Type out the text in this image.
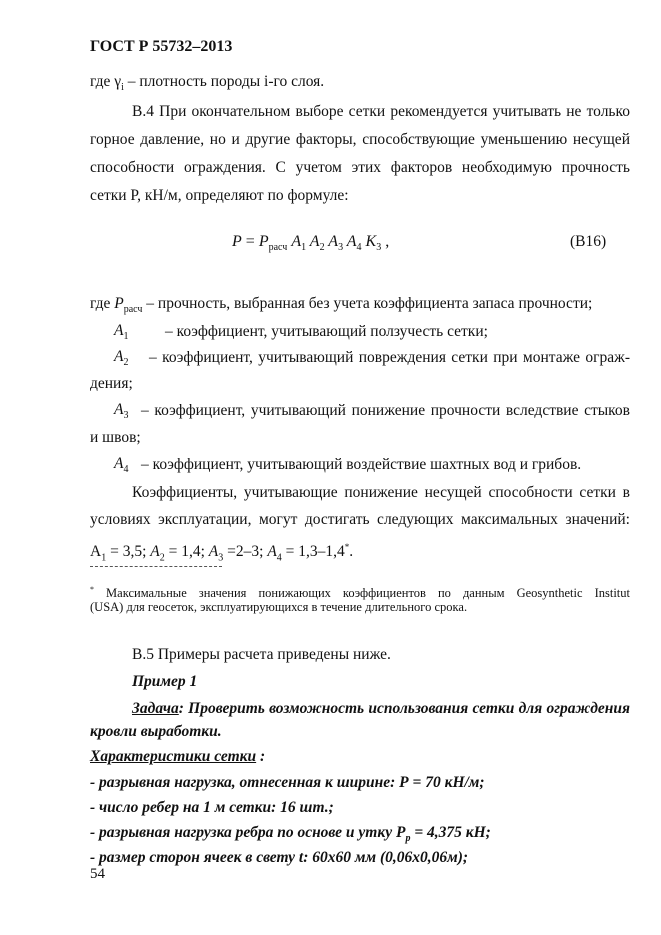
ГОСТ Р 55732–2013
где $\gamma_i$ – плотность породы i-го слоя.
В.4 При окончательном выборе сетки рекомендуется учитывать не только
горное давление, но и другие факторы, способствующие уменьшению несущей
способности ограждения. С учетом этих факторов необходимую прочность
сетки Р, кН/м, определяют по формуле:
$P = P_{расч}$ $A_1$ $A_2$ $A_3$ $A_4$ $K_3$ ,	(В16)
где $P_{расч}$ – прочность, выбранная без учета коэффициента запаса прочности;
$A_1$ – коэффициент, учитывающий ползучесть сетки;
$A_2$ – коэффициент, учитывающий повреждения сетки при монтаже ограж-
дения;
$A_3$ – коэффициент, учитывающий понижение прочности вследствие стыков
и швов;
$A_4$ – коэффициент, учитывающий воздействие шахтных вод и грибов.
Коэффициенты, учитывающие понижение несущей способности сетки в
условиях эксплуатации, могут достигать следующих максимальных значений:
$A_1 = 3,5$; $A_2 = 1,4$; $A_3 =2-3$; $A_4 = 1,3-1,4^*$.
* Максимальные значения понижающих коэффициентов по данным Geosynthetic Institut
(USA) для геосеток, эксплуатирующихся в течение длительного срока.
В.5 Примеры расчета приведены ниже.
Пример 1
Задача: Проверить возможность использования сетки для ограждения
кровли выработки.
Характеристики сетки :
- разрывная нагрузка, отнесенная к ширине: Р = 70 кН/м;
- число ребер на 1 м сетки: 16 шт.;
- разрывная нагрузка ребра по основе и утку $P_р = 4,375$ кН;
- размер сторон ячеек в свету t: 60х60 мм (0,06х0,06м);
54
